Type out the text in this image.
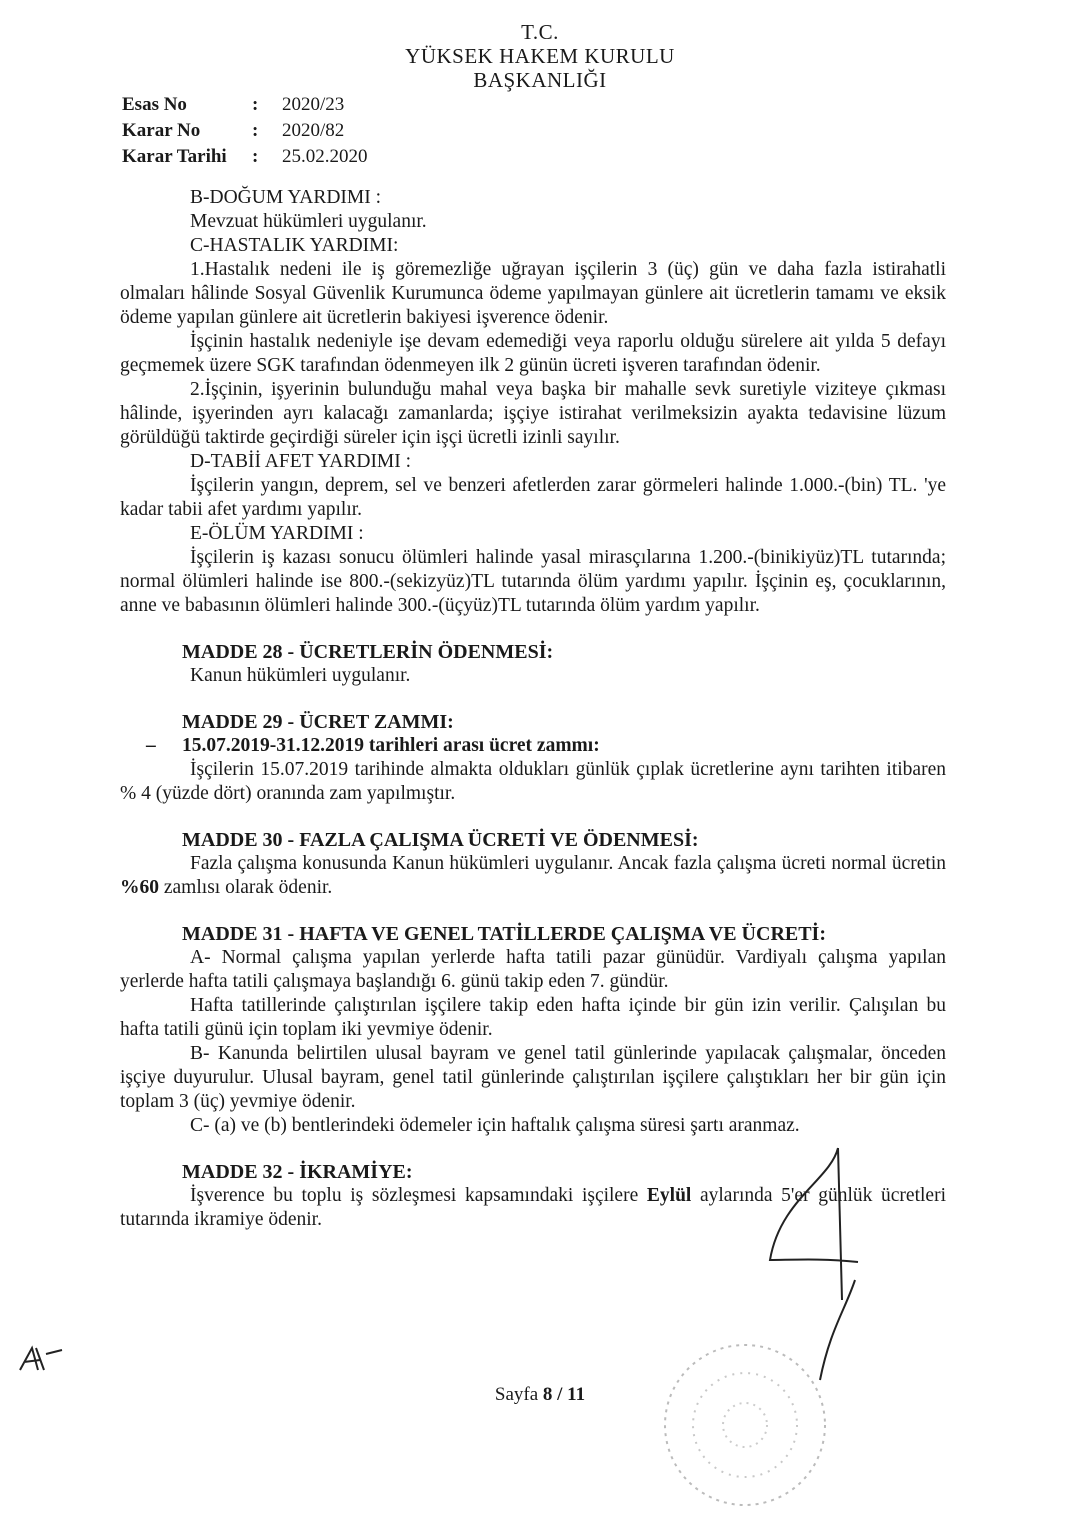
T.C.
YÜKSEK HAKEM KURULU
BAŞKANLIĞI
Esas No	:	2020/23
Karar No	:	2020/82
Karar Tarihi	:	25.02.2020

B-DOĞUM YARDIMI :

Mevzuat hükümleri uygulanır.

C-HASTALIK YARDIMI:

1.Hastalık nedeni ile iş göremezliğe uğrayan işçilerin 3 (üç) gün ve daha fazla istirahatli olmaları hâlinde Sosyal Güvenlik Kurumunca ödeme yapılmayan günlere ait ücretlerin tamamı ve eksik ödeme yapılan günlere ait ücretlerin bakiyesi işverence ödenir.

İşçinin hastalık nedeniyle işe devam edemediği veya raporlu olduğu sürelere ait yılda 5 defayı geçmemek üzere SGK tarafından ödenmeyen ilk 2 günün ücreti işveren tarafından ödenir.

2.İşçinin, işyerinin bulunduğu mahal veya başka bir mahalle sevk suretiyle viziteye çıkması hâlinde, işyerinden ayrı kalacağı zamanlarda; işçiye istirahat verilmeksizin ayakta tedavisine lüzum görüldüğü taktirde geçirdiği süreler için işçi ücretli izinli sayılır.

D-TABİİ AFET YARDIMI :

İşçilerin yangın, deprem, sel ve benzeri afetlerden zarar görmeleri halinde 1.000.-(bin) TL. 'ye kadar tabii afet yardımı yapılır.

E-ÖLÜM YARDIMI :

İşçilerin iş kazası sonucu ölümleri halinde yasal mirasçılarına 1.200.-(binikiyüz)TL tutarında; normal ölümleri halinde ise 800.-(sekizyüz)TL tutarında ölüm yardımı yapılır. İşçinin eş, çocuklarının, anne ve babasının ölümleri halinde 300.-(üçyüz)TL tutarında ölüm yardım yapılır.

MADDE 28 - ÜCRETLERİN ÖDENMESİ:

Kanun hükümleri uygulanır.

MADDE 29 - ÜCRET ZAMMI:

–	15.07.2019-31.12.2019 tarihleri arası ücret zammı:

İşçilerin 15.07.2019 tarihinde almakta oldukları günlük çıplak ücretlerine aynı tarihten itibaren % 4 (yüzde dört) oranında zam yapılmıştır.

MADDE 30 - FAZLA ÇALIŞMA ÜCRETİ VE ÖDENMESİ:

Fazla çalışma konusunda Kanun hükümleri uygulanır. Ancak fazla çalışma ücreti normal ücretin %60 zamlısı olarak ödenir.

MADDE 31 - HAFTA VE GENEL TATİLLERDE ÇALIŞMA VE ÜCRETİ:

A- Normal çalışma yapılan yerlerde hafta tatili pazar günüdür. Vardiyalı çalışma yapılan yerlerde hafta tatili çalışmaya başlandığı 6. günü takip eden 7. gündür.

Hafta tatillerinde çalıştırılan işçilere takip eden hafta içinde bir gün izin verilir. Çalışılan bu hafta tatili günü için toplam iki yevmiye ödenir.

B- Kanunda belirtilen ulusal bayram ve genel tatil günlerinde yapılacak çalışmalar, önceden işçiye duyurulur. Ulusal bayram, genel tatil günlerinde çalıştırılan işçilere çalıştıkları her bir gün için toplam 3 (üç) yevmiye ödenir.

C- (a) ve (b) bentlerindeki ödemeler için haftalık çalışma süresi şartı aranmaz.

MADDE 32 - İKRAMİYE:

İşverence bu toplu iş sözleşmesi kapsamındaki işçilere Eylül aylarında 5'er günlük ücretleri tutarında ikramiye ödenir.

Sayfa 8 / 11
